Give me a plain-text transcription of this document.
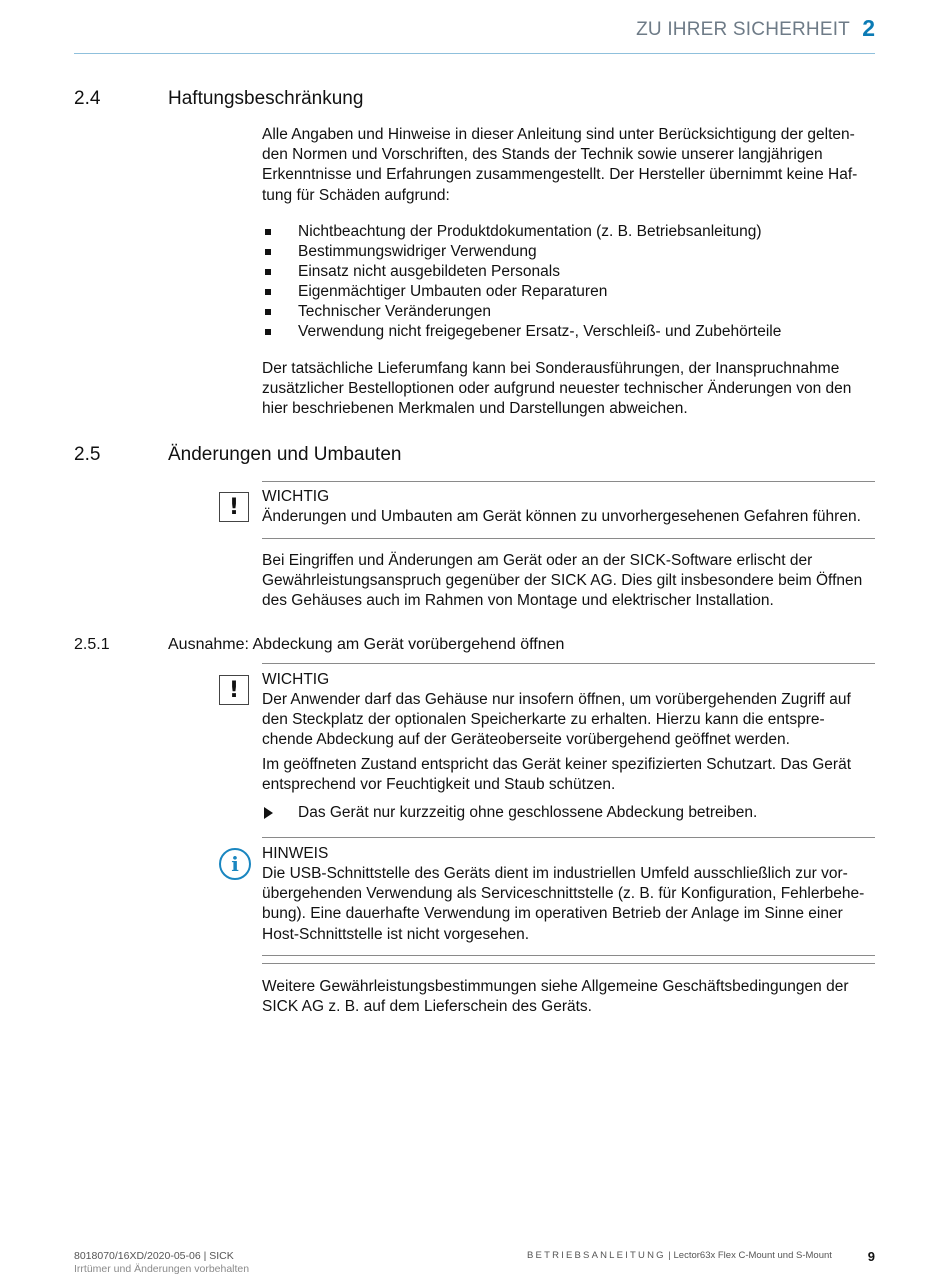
ZU IHRER SICHERHEIT 2
2.4	Haftungsbeschränkung
Alle Angaben und Hinweise in dieser Anleitung sind unter Berücksichtigung der gelten-
den Normen und Vorschriften, des Stands der Technik sowie unserer langjährigen
Erkenntnisse und Erfahrungen zusammengestellt. Der Hersteller übernimmt keine Haf-
tung für Schäden aufgrund:
Nichtbeachtung der Produktdokumentation (z. B. Betriebsanleitung)
Bestimmungswidriger Verwendung
Einsatz nicht ausgebildeten Personals
Eigenmächtiger Umbauten oder Reparaturen
Technischer Veränderungen
Verwendung nicht freigegebener Ersatz-, Verschleiß- und Zubehörteile
Der tatsächliche Lieferumfang kann bei Sonderausführungen, der Inanspruchnahme
zusätzlicher Bestelloptionen oder aufgrund neuester technischer Änderungen von den
hier beschriebenen Merkmalen und Darstellungen abweichen.
2.5	Änderungen und Umbauten
!	WICHTIG
Änderungen und Umbauten am Gerät können zu unvorhergesehenen Gefahren führen.
Bei Eingriffen und Änderungen am Gerät oder an der SICK-Software erlischt der
Gewährleistungsanspruch gegenüber der SICK AG. Dies gilt insbesondere beim Öffnen
des Gehäuses auch im Rahmen von Montage und elektrischer Installation.
2.5.1	Ausnahme: Abdeckung am Gerät vorübergehend öffnen
!	WICHTIG
Der Anwender darf das Gehäuse nur insofern öffnen, um vorübergehenden Zugriff auf
den Steckplatz der optionalen Speicherkarte zu erhalten. Hierzu kann die entspre-
chende Abdeckung auf der Geräteoberseite vorübergehend geöffnet werden.
Im geöffneten Zustand entspricht das Gerät keiner spezifizierten Schutzart. Das Gerät
entsprechend vor Feuchtigkeit und Staub schützen.
Das Gerät nur kurzzeitig ohne geschlossene Abdeckung betreiben.
i	HINWEIS
Die USB-Schnittstelle des Geräts dient im industriellen Umfeld ausschließlich zur vor-
übergehenden Verwendung als Serviceschnittstelle (z. B. für Konfiguration, Fehlerbehe-
bung). Eine dauerhafte Verwendung im operativen Betrieb der Anlage im Sinne einer
Host-Schnittstelle ist nicht vorgesehen.
Weitere Gewährleistungsbestimmungen siehe Allgemeine Geschäftsbedingungen der
SICK AG z. B. auf dem Lieferschein des Geräts.
8018070/16XD/2020-05-06 | SICK
Irrtümer und Änderungen vorbehalten
BETRIEBSANLEITUNG | Lector63x Flex C-Mount und S-Mount	9
